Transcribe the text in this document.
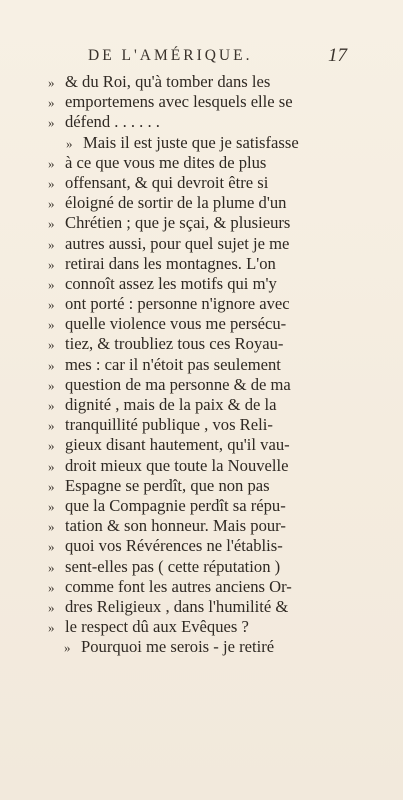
DE L'AMÉRIQUE.	17
» & du Roi, qu'à tomber dans les
» emportemens avec lesquels elle se
» défend . . . . . .
» Mais il est juste que je satisfasse
» à ce que vous me dites de plus
» offensant, & qui devroit être si
» éloigné de sortir de la plume d'un
» Chrétien ; que je sçai, & plusieurs
» autres aussi, pour quel sujet je me
» retirai dans les montagnes. L'on
» connoît assez les motifs qui m'y
» ont porté : personne n'ignore avec
» quelle violence vous me persécu-
» tiez, & troubliez tous ces Royau-
» mes : car il n'étoit pas seulement
» question de ma personne & de ma
» dignité , mais de la paix & de la
» tranquillité publique , vos Reli-
» gieux disant hautement, qu'il vau-
» droit mieux que toute la Nouvelle
» Espagne se perdît, que non pas
» que la Compagnie perdît sa répu-
» tation & son honneur. Mais pour-
» quoi vos Révérences ne l'établis-
» sent-elles pas ( cette réputation )
» comme font les autres anciens Or-
» dres Religieux , dans l'humilité &
» le respect dû aux Evêques ?
» Pourquoi me serois - je retiré
